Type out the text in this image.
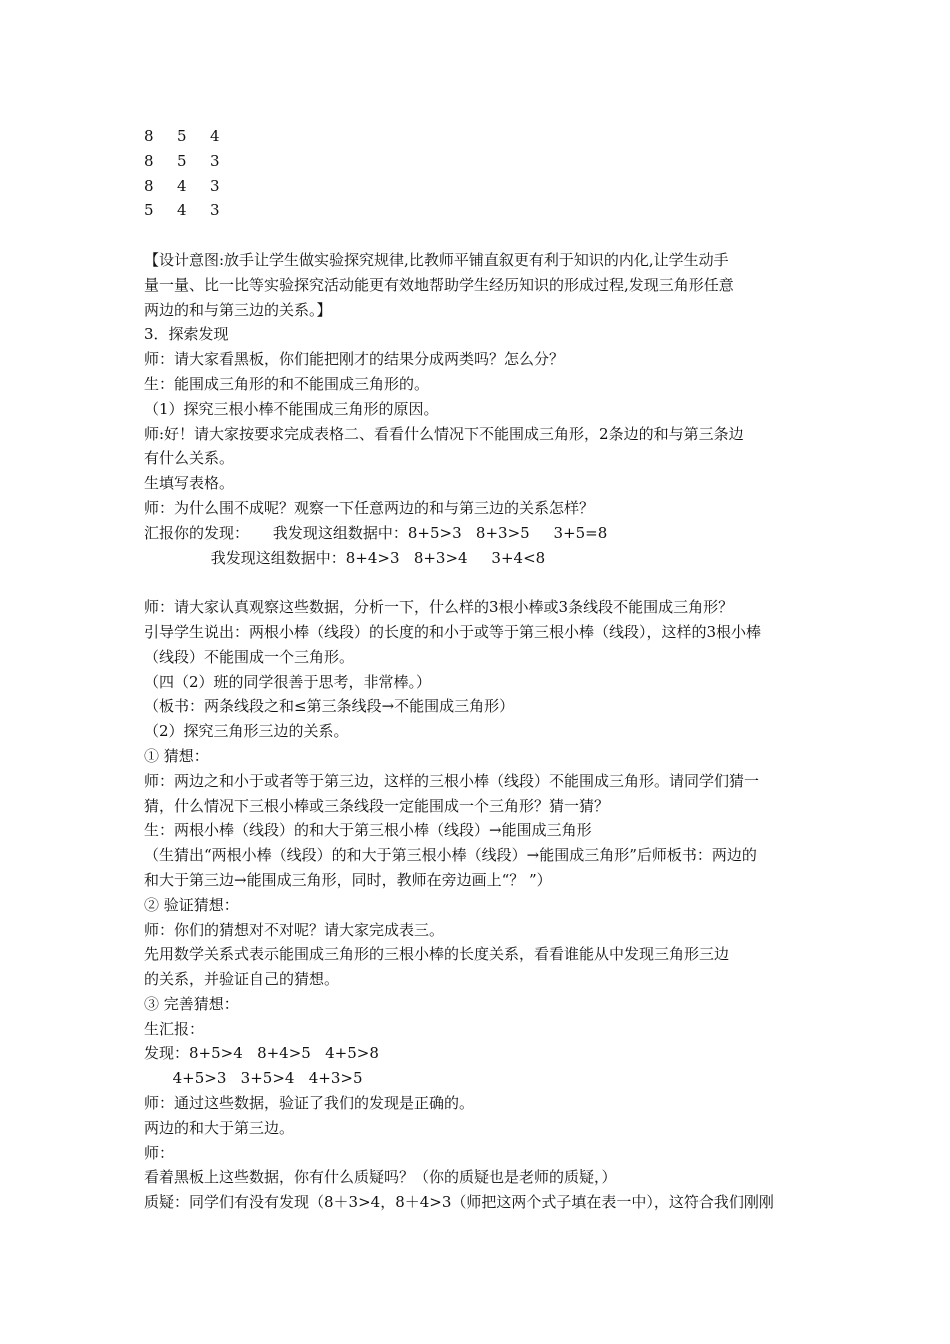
8	5	4
8	5	3
8	4	3
5	4	3
【设计意图:放手让学生做实验探究规律,比教师平铺直叙更有利于知识的内化,让学生动手
量一量、比一比等实验探究活动能更有效地帮助学生经历知识的形成过程,发现三角形任意
两边的和与第三边的关系。】
3．探索发现
师：请大家看黑板，你们能把刚才的结果分成两类吗？怎么分？
生：能围成三角形的和不能围成三角形的。
（1）探究三根小棒不能围成三角形的原因。
师:好！请大家按要求完成表格二、看看什么情况下不能围成三角形，2条边的和与第三条边
有什么关系。
生填写表格。
师：为什么围不成呢？观察一下任意两边的和与第三边的关系怎样？
汇报你的发现：     我发现这组数据中：8+5>3   8+3>5     3+5=8
我发现这组数据中：8+4>3   8+3>4     3+4<8
师：请大家认真观察这些数据，分析一下，什么样的3根小棒或3条线段不能围成三角形？
引导学生说出：两根小棒（线段）的长度的和小于或等于第三根小棒（线段），这样的3根小棒
（线段）不能围成一个三角形。
（四（2）班的同学很善于思考，非常棒。）
（板书：两条线段之和≤第三条线段→不能围成三角形）
（2）探究三角形三边的关系。
① 猜想：
师：两边之和小于或者等于第三边，这样的三根小棒（线段）不能围成三角形。请同学们猜一
猜，什么情况下三根小棒或三条线段一定能围成一个三角形？猜一猜？
生：两根小棒（线段）的和大于第三根小棒（线段）→能围成三角形
（生猜出“两根小棒（线段）的和大于第三根小棒（线段）→能围成三角形”后师板书：两边的
和大于第三边→能围成三角形，同时，教师在旁边画上“？ ”）
② 验证猜想：
师：你们的猜想对不对呢？请大家完成表三。
先用数学关系式表示能围成三角形的三根小棒的长度关系，看看谁能从中发现三角形三边
的关系，并验证自己的猜想。
③ 完善猜想：
生汇报：
发现：8+5>4   8+4>5   4+5>8
4+5>3   3+5>4   4+3>5
师：通过这些数据，验证了我们的发现是正确的。
两边的和大于第三边。
师：
看着黑板上这些数据，你有什么质疑吗？（你的质疑也是老师的质疑，）
质疑：同学们有没有发现（8＋3>4，8＋4>3（师把这两个式子填在表一中），这符合我们刚刚
